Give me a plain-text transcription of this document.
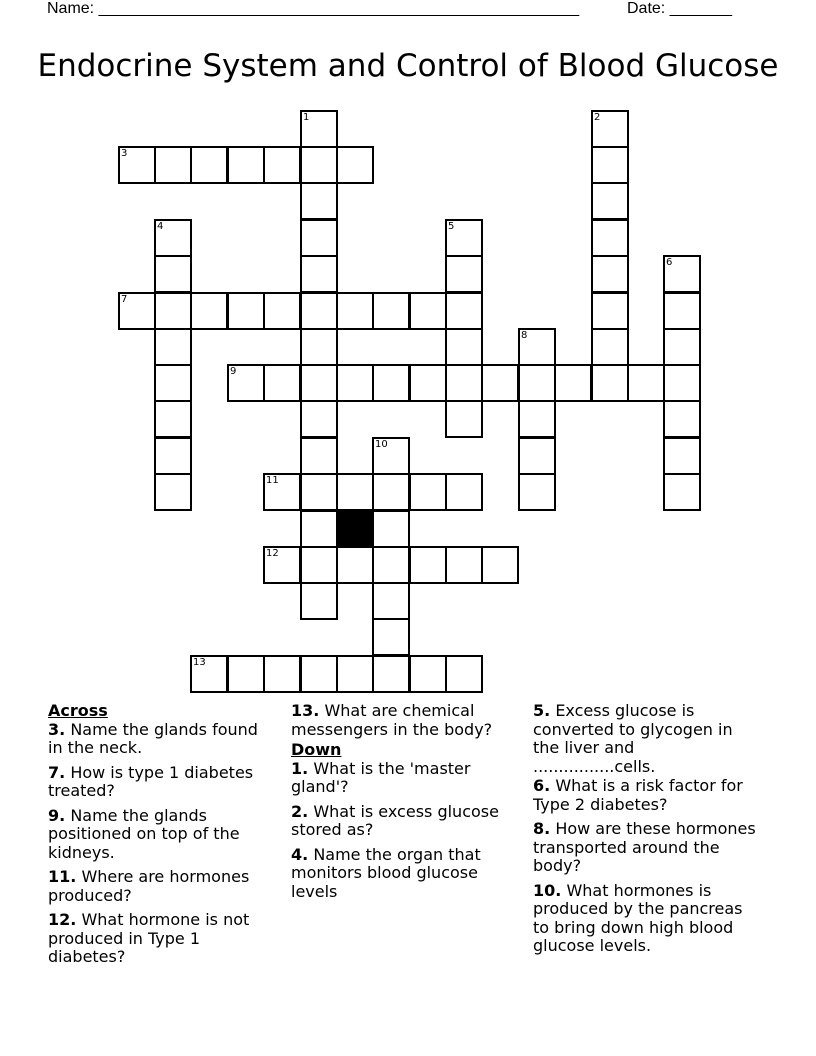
Name: ______________________________________________________	Date: _______
Endocrine System and Control of Blood Glucose
1	2
3
4	5
6
7
8
9
10
11
12
13
Across
3. Name the glands found in the neck.
7. How is type 1 diabetes treated?
9. Name the glands positioned on top of the kidneys.
11. Where are hormones produced?
12. What hormone is not produced in Type 1 diabetes?
13. What are chemical messengers in the body?
Down
1. What is the 'master gland'?
2. What is excess glucose stored as?
4. Name the organ that monitors blood glucose levels
5. Excess glucose is converted to glycogen in the liver and ................cells.
6. What is a risk factor for Type 2 diabetes?
8. How are these hormones transported around the body?
10. What hormones is produced by the pancreas to bring down high blood glucose levels.
